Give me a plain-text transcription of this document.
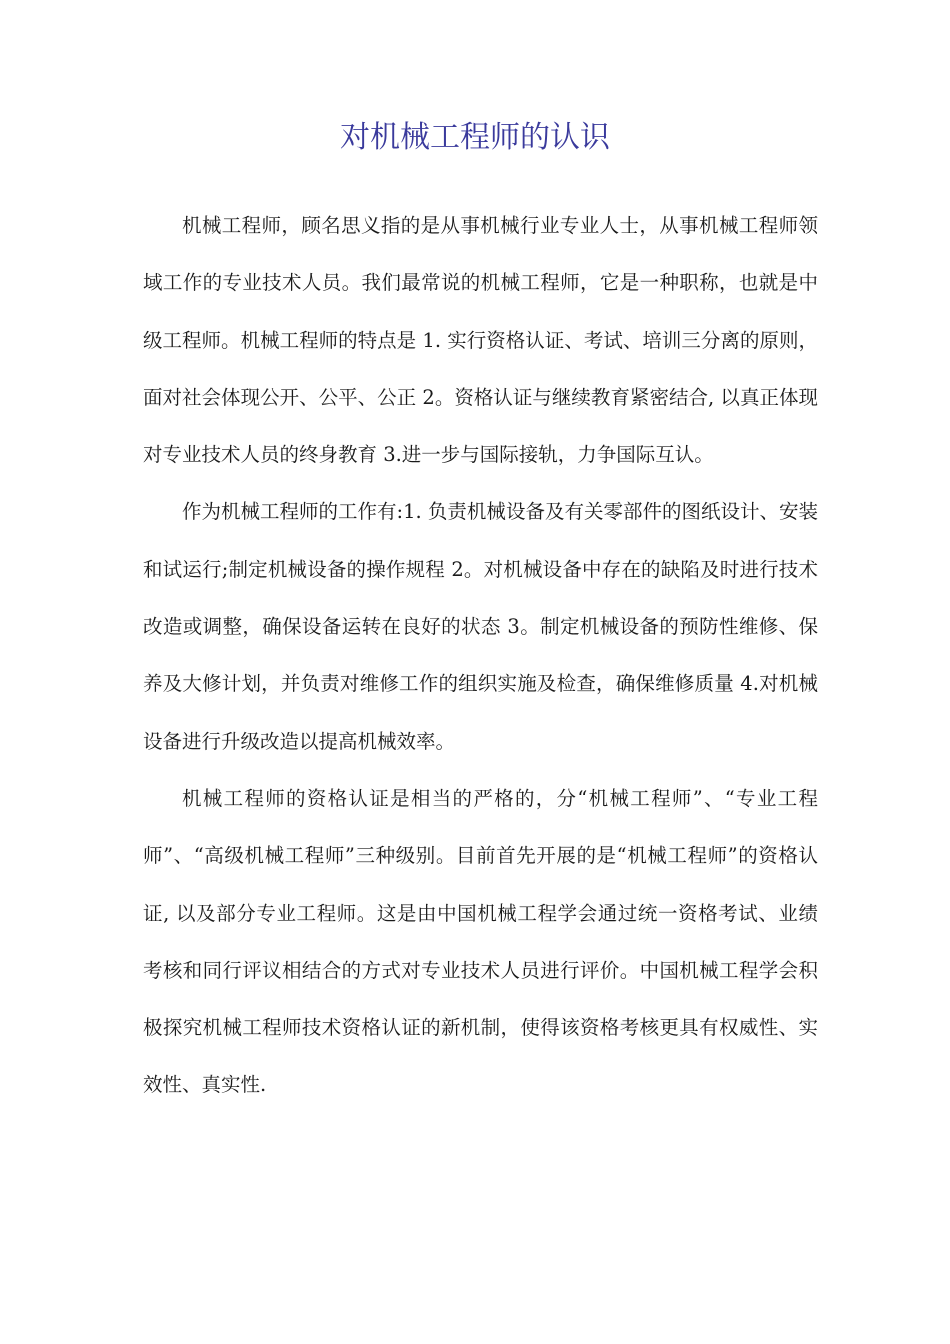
对机械工程师的认识

机械工程师，顾名思义指的是从事机械行业专业人士，从事机械工程师领域工作的专业技术人员。我们最常说的机械工程师，它是一种职称，也就是中级工程师。机械工程师的特点是 1. 实行资格认证、考试、培训三分离的原则，面对社会体现公开、公平、公正 2。资格认证与继续教育紧密结合, 以真正体现对专业技术人员的终身教育 3.进一步与国际接轨，力争国际互认。

作为机械工程师的工作有:1. 负责机械设备及有关零部件的图纸设计、安装和试运行;制定机械设备的操作规程 2。对机械设备中存在的缺陷及时进行技术改造或调整，确保设备运转在良好的状态 3。制定机械设备的预防性维修、保养及大修计划，并负责对维修工作的组织实施及检查，确保维修质量 4.对机械设备进行升级改造以提高机械效率。

机械工程师的资格认证是相当的严格的，分“机械工程师”、“专业工程师”、“高级机械工程师”三种级别。目前首先开展的是“机械工程师”的资格认证, 以及部分专业工程师。这是由中国机械工程学会通过统一资格考试、业绩考核和同行评议相结合的方式对专业技术人员进行评价。中国机械工程学会积极探究机械工程师技术资格认证的新机制，使得该资格考核更具有权威性、实效性、真实性.
